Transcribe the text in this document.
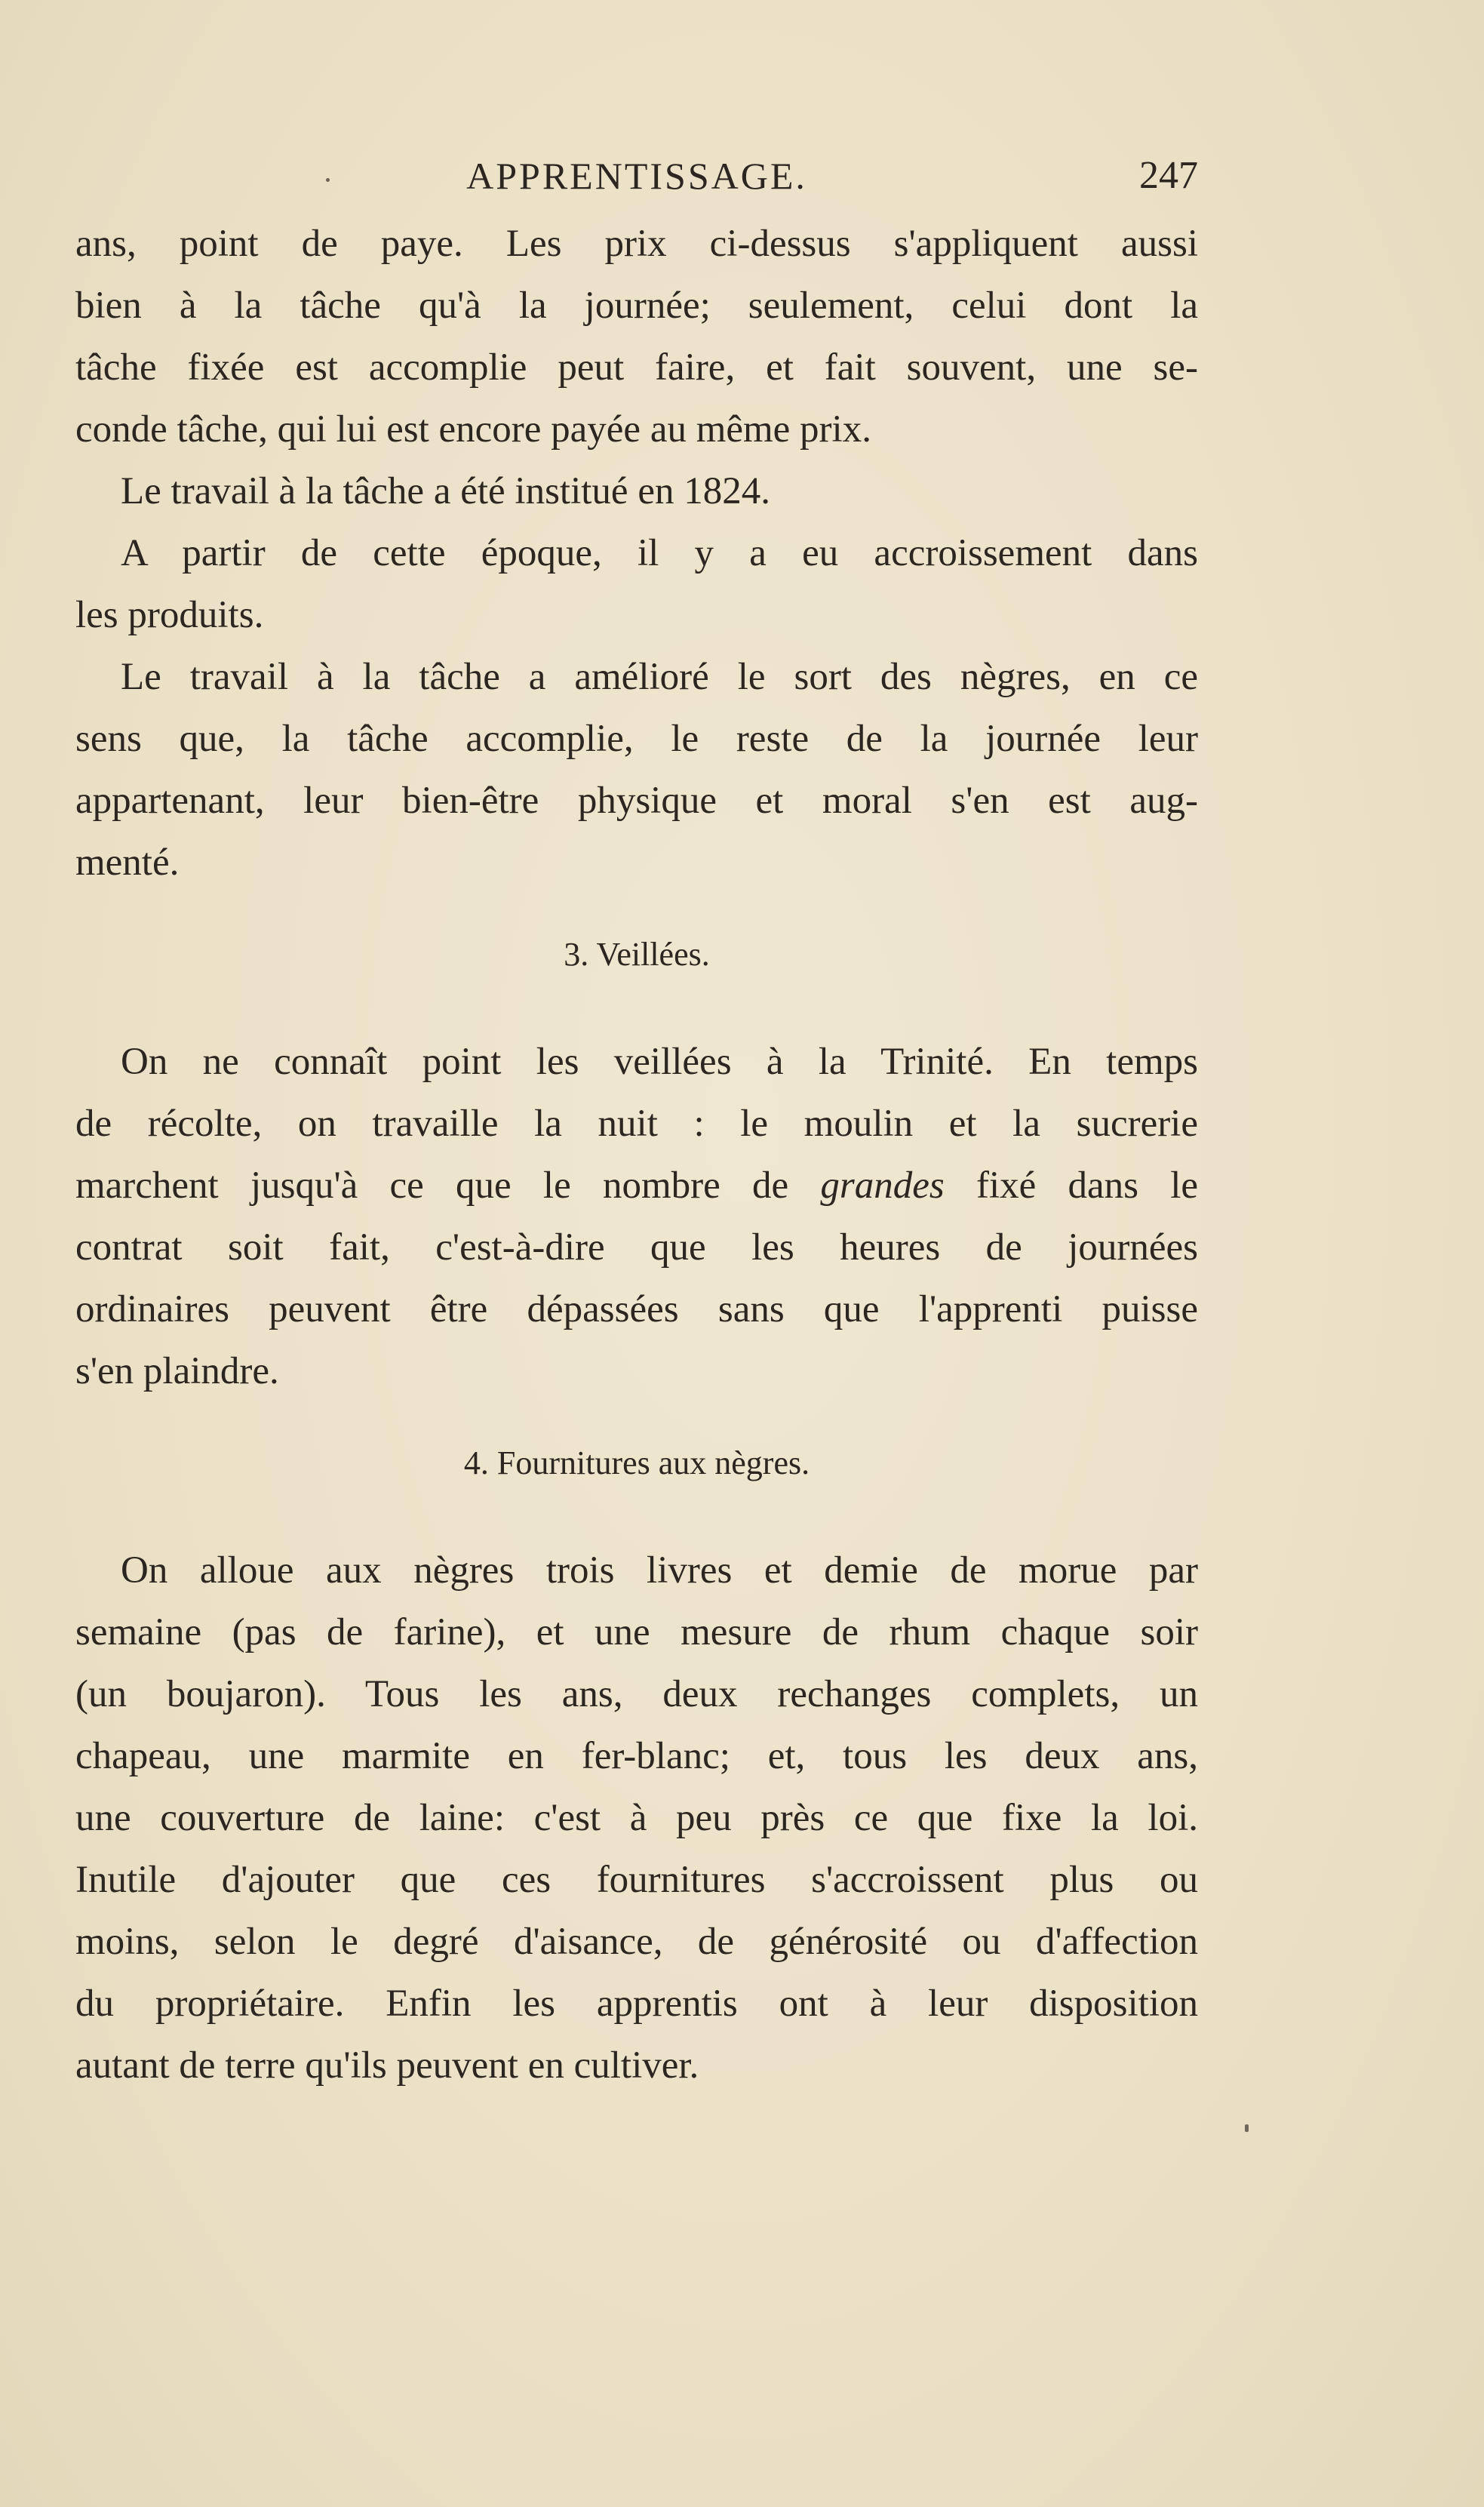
APPRENTISSAGE.	247
ans, point de paye. Les prix ci-dessus s'appliquent aussi
bien à la tâche qu'à la journée; seulement, celui dont la
tâche fixée est accomplie peut faire, et fait souvent, une se-
conde tâche, qui lui est encore payée au même prix.
Le travail à la tâche a été institué en 1824.
A partir de cette époque, il y a eu accroissement dans
les produits.
Le travail à la tâche a amélioré le sort des nègres, en ce
sens que, la tâche accomplie, le reste de la journée leur
appartenant, leur bien-être physique et moral s'en est aug-
menté.
3. Veillées.
On ne connaît point les veillées à la Trinité. En temps
de récolte, on travaille la nuit : le moulin et la sucrerie
marchent jusqu'à ce que le nombre de grandes fixé dans le
contrat soit fait, c'est-à-dire que les heures de journées
ordinaires peuvent être dépassées sans que l'apprenti puisse
s'en plaindre.
4. Fournitures aux nègres.
On alloue aux nègres trois livres et demie de morue par
semaine (pas de farine), et une mesure de rhum chaque soir
(un boujaron). Tous les ans, deux rechanges complets, un
chapeau, une marmite en fer-blanc; et, tous les deux ans,
une couverture de laine: c'est à peu près ce que fixe la loi.
Inutile d'ajouter que ces fournitures s'accroissent plus ou
moins, selon le degré d'aisance, de générosité ou d'affection
du propriétaire. Enfin les apprentis ont à leur disposition
autant de terre qu'ils peuvent en cultiver.
